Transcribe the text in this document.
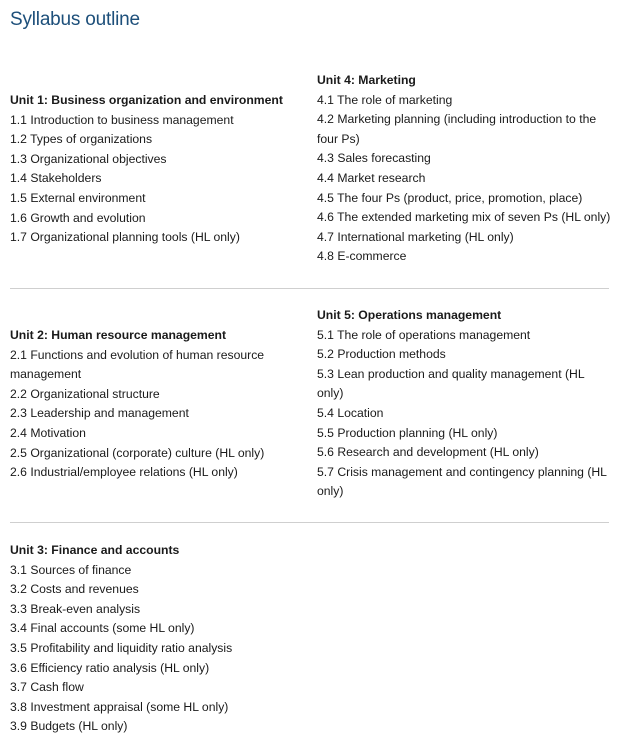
Syllabus outline
Unit 1: Business organization and environment
1.1 Introduction to business management
1.2 Types of organizations
1.3 Organizational objectives
1.4 Stakeholders
1.5 External environment
1.6 Growth and evolution
1.7 Organizational planning tools (HL only)
Unit 4: Marketing
4.1 The role of marketing
4.2 Marketing planning (including introduction to the four Ps)
4.3 Sales forecasting
4.4 Market research
4.5 The four Ps (product, price, promotion, place)
4.6 The extended marketing mix of seven Ps (HL only)
4.7 International marketing (HL only)
4.8 E-commerce
Unit 2: Human resource management
2.1 Functions and evolution of human resource management
2.2 Organizational structure
2.3 Leadership and management
2.4 Motivation
2.5 Organizational (corporate) culture (HL only)
2.6 Industrial/employee relations (HL only)
Unit 5: Operations management
5.1 The role of operations management
5.2 Production methods
5.3 Lean production and quality management (HL only)
5.4 Location
5.5 Production planning (HL only)
5.6 Research and development (HL only)
5.7 Crisis management and contingency planning (HL only)
Unit 3: Finance and accounts
3.1 Sources of finance
3.2 Costs and revenues
3.3 Break-even analysis
3.4 Final accounts (some HL only)
3.5 Profitability and liquidity ratio analysis
3.6 Efficiency ratio analysis (HL only)
3.7 Cash flow
3.8 Investment appraisal (some HL only)
3.9 Budgets (HL only)
